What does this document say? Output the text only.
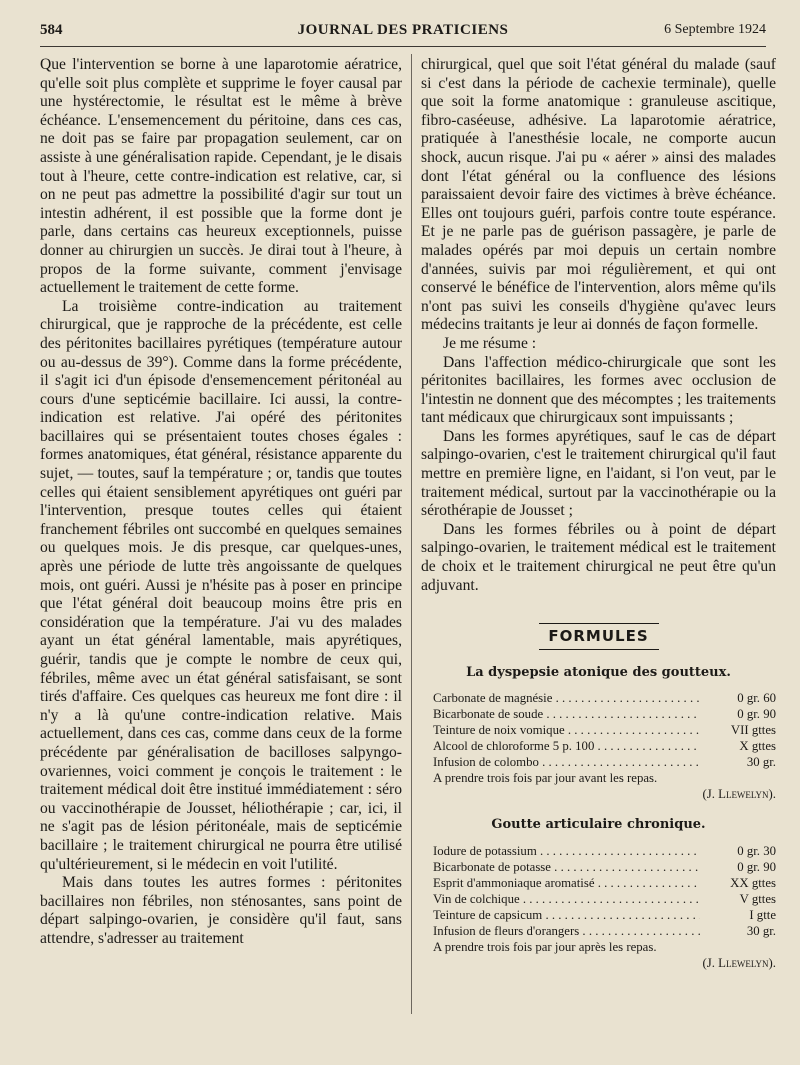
584	JOURNAL DES PRATICIENS	6 Septembre 1924

Que l'intervention se borne à une laparotomie aératrice, qu'elle soit plus complète et supprime le foyer causal par une hystérectomie, le résultat est le même à brève échéance. L'ensemencement du péritoine, dans ces cas, ne doit pas se faire par propagation seulement, car on assiste à une généralisation rapide. Cependant, je le disais tout à l'heure, cette contre-indication est relative, car, si on ne peut pas admettre la possibilité d'agir sur tout un intestin adhérent, il est possible que la forme dont je parle, dans certains cas heureux exceptionnels, puisse donner au chirurgien un succès. Je dirai tout à l'heure, à propos de la forme suivante, comment j'envisage actuellement le traitement de cette forme.

La troisième contre-indication au traitement chirurgical, que je rapproche de la précédente, est celle des péritonites bacillaires pyrétiques (température autour ou au-dessus de 39°). Comme dans la forme précédente, il s'agit ici d'un épisode d'ensemencement péritonéal au cours d'une septicémie bacillaire. Ici aussi, la contre-indication est relative. J'ai opéré des péritonites bacillaires qui se présentaient toutes choses égales : formes anatomiques, état général, résistance apparente du sujet, — toutes, sauf la température ; or, tandis que toutes celles qui étaient sensiblement apyrétiques ont guéri par l'intervention, presque toutes celles qui étaient franchement fébriles ont succombé en quelques semaines ou quelques mois. Je dis presque, car quelques-unes, après une période de lutte très angoissante de quelques mois, ont guéri. Aussi je n'hésite pas à poser en principe que l'état général doit beaucoup moins être pris en considération que la température. J'ai vu des malades ayant un état général lamentable, mais apyrétiques, guérir, tandis que je compte le nombre de ceux qui, fébriles, même avec un état général satisfaisant, se sont tirés d'affaire. Ces quelques cas heureux me font dire : il n'y a là qu'une contre-indication relative. Mais actuellement, dans ces cas, comme dans ceux de la forme précédente par généralisation de bacilloses salpyngo-ovariennes, voici comment je conçois le traitement : le traitement médical doit être institué immédiatement : séro ou vaccinothérapie de Jousset, héliothérapie ; car, ici, il ne s'agit pas de lésion péritonéale, mais de septicémie bacillaire ; le traitement chirurgical ne pourra être utilisé qu'ultérieurement, si le médecin en voit l'utilité.

Mais dans toutes les autres formes : péritonites bacillaires non fébriles, non sténosantes, sans point de départ salpingo-ovarien, je considère qu'il faut, sans attendre, s'adresser au traitement

chirurgical, quel que soit l'état général du malade (sauf si c'est dans la période de cachexie terminale), quelle que soit la forme anatomique : granuleuse ascitique, fibro-caséeuse, adhésive. La laparotomie aératrice, pratiquée à l'anesthésie locale, ne comporte aucun shock, aucun risque. J'ai pu « aérer » ainsi des malades dont l'état général ou la confluence des lésions paraissaient devoir faire des victimes à brève échéance. Elles ont toujours guéri, parfois contre toute espérance. Et je ne parle pas de guérison passagère, je parle de malades opérés par moi depuis un certain nombre d'années, suivis par moi régulièrement, et qui ont conservé le bénéfice de l'intervention, alors même qu'ils n'ont pas suivi les conseils d'hygiène qu'avec leurs médecins traitants je leur ai donnés de façon formelle.

Je me résume :

Dans l'affection médico-chirurgicale que sont les péritonites bacillaires, les formes avec occlusion de l'intestin ne donnent que des mécomptes ; les traitements tant médicaux que chirurgicaux sont impuissants ;

Dans les formes apyrétiques, sauf le cas de départ salpingo-ovarien, c'est le traitement chirurgical qu'il faut mettre en première ligne, en l'aidant, si l'on veut, par le traitement médical, surtout par la vaccinothérapie ou la sérothérapie de Jousset ;

Dans les formes fébriles ou à point de départ salpingo-ovarien, le traitement médical est le traitement de choix et le traitement chirurgical ne peut être qu'un adjuvant.

FORMULES
La dyspepsie atonique des goutteux.
Carbonate de magnésie . . .	0 gr. 60
Bicarbonate de soude . . .	0 gr. 90
Teinture de noix vomique . . .	VII gttes
Alcool de chloroforme 5 p. 100 . . .	X gttes
Infusion de colombo . . .	30 gr.
A prendre trois fois par jour avant les repas.
(J. Llewelyn).
Goutte articulaire chronique.
Iodure de potassium . . .	0 gr. 30
Bicarbonate de potasse . . .	0 gr. 90
Esprit d'ammoniaque aromatisé . . .	XX gttes
Vin de colchique . . .	V gttes
Teinture de capsicum . . .	I gtte
Infusion de fleurs d'orangers . . .	30 gr.
A prendre trois fois par jour après les repas.
(J. Llewelyn).
